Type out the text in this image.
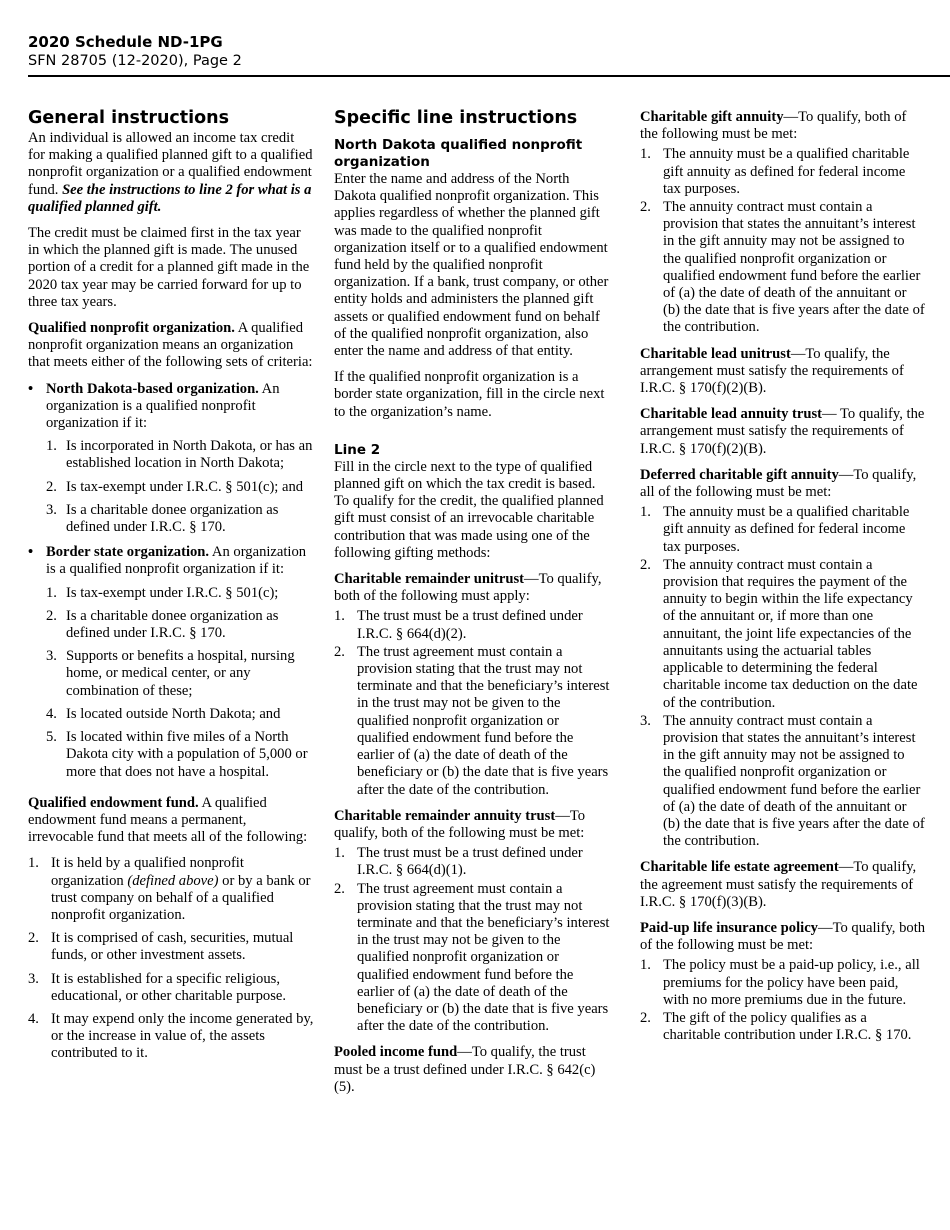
2020 Schedule ND-1PG
SFN 28705 (12-2020), Page 2
General instructions

An individual is allowed an income tax credit for making a qualified planned gift to a qualified nonprofit organization or a qualified endowment fund. See the instructions to line 2 for what is a qualified planned gift.

The credit must be claimed first in the tax year in which the planned gift is made. The unused portion of a credit for a planned gift made in the 2020 tax year may be carried forward for up to three tax years.

Qualified nonprofit organization. A qualified nonprofit organization means an organization that meets either of the following sets of criteria:

• North Dakota-based organization. An organization is a qualified nonprofit organization if it:
1. Is incorporated in North Dakota, or has an established location in North Dakota;
2. Is tax-exempt under I.R.C. § 501(c); and
3. Is a charitable donee organization as defined under I.R.C. § 170.
• Border state organization. An organization is a qualified nonprofit organization if it:
1. Is tax-exempt under I.R.C. § 501(c);
2. Is a charitable donee organization as defined under I.R.C. § 170.
3. Supports or benefits a hospital, nursing home, or medical center, or any combination of these;
4. Is located outside North Dakota; and
5. Is located within five miles of a North Dakota city with a population of 5,000 or more that does not have a hospital.

Qualified endowment fund. A qualified endowment fund means a permanent, irrevocable fund that meets all of the following:

1. It is held by a qualified nonprofit organization (defined above) or by a bank or trust company on behalf of a qualified nonprofit organization.
2. It is comprised of cash, securities, mutual funds, or other investment assets.
3. It is established for a specific religious, educational, or other charitable purpose.
4. It may expend only the income generated by, or the increase in value of, the assets contributed to it.
Specific line instructions
North Dakota qualified nonprofit organization

Enter the name and address of the North Dakota qualified nonprofit organization. This applies regardless of whether the planned gift was made to the qualified nonprofit organization itself or to a qualified endowment fund held by the qualified nonprofit organization. If a bank, trust company, or other entity holds and administers the planned gift assets or qualified endowment fund on behalf of the qualified nonprofit organization, also enter the name and address of that entity.

If the qualified nonprofit organization is a border state organization, fill in the circle next to the organization’s name.

Line 2

Fill in the circle next to the type of qualified planned gift on which the tax credit is based. To qualify for the credit, the qualified planned gift must consist of an irrevocable charitable contribution that was made using one of the following gifting methods:

Charitable remainder unitrust—To qualify, both of the following must apply:

1. The trust must be a trust defined under I.R.C. § 664(d)(2).
2. The trust agreement must contain a provision stating that the trust may not terminate and that the beneficiary’s interest in the trust may not be given to the qualified nonprofit organization or qualified endowment fund before the earlier of (a) the date of death of the beneficiary or (b) the date that is five years after the date of the contribution.

Charitable remainder annuity trust—To qualify, both of the following must be met:

1. The trust must be a trust defined under I.R.C. § 664(d)(1).
2. The trust agreement must contain a provision stating that the trust may not terminate and that the beneficiary’s interest in the trust may not be given to the qualified nonprofit organization or qualified endowment fund before the earlier of (a) the date of death of the beneficiary or (b) the date that is five years after the date of the contribution.

Pooled income fund—To qualify, the trust must be a trust defined under I.R.C. § 642(c)(5).

Charitable gift annuity—To qualify, both of the following must be met:

1. The annuity must be a qualified charitable gift annuity as defined for federal income tax purposes.
2. The annuity contract must contain a provision that states the annuitant’s interest in the gift annuity may not be assigned to the qualified nonprofit organization or qualified endowment fund before the earlier of (a) the date of death of the annuitant or (b) the date that is five years after the date of the contribution.

Charitable lead unitrust—To qualify, the arrangement must satisfy the requirements of I.R.C. § 170(f)(2)(B).

Charitable lead annuity trust— To qualify, the arrangement must satisfy the requirements of I.R.C. § 170(f)(2)(B).

Deferred charitable gift annuity—To qualify, all of the following must be met:

1. The annuity must be a qualified charitable gift annuity as defined for federal income tax purposes.
2. The annuity contract must contain a provision that requires the payment of the annuity to begin within the life expectancy of the annuitant or, if more than one annuitant, the joint life expectancies of the annuitants using the actuarial tables applicable to determining the federal charitable income tax deduction on the date of the contribution.
3. The annuity contract must contain a provision that states the annuitant’s interest in the gift annuity may not be assigned to the qualified nonprofit organization or qualified endowment fund before the earlier of (a) the date of death of the annuitant or (b) the date that is five years after the date of the contribution.

Charitable life estate agreement—To qualify, the agreement must satisfy the requirements of I.R.C. § 170(f)(3)(B).

Paid-up life insurance policy—To qualify, both of the following must be met:

1. The policy must be a paid-up policy, i.e., all premiums for the policy have been paid, with no more premiums due in the future.
2. The gift of the policy qualifies as a charitable contribution under I.R.C. § 170.
